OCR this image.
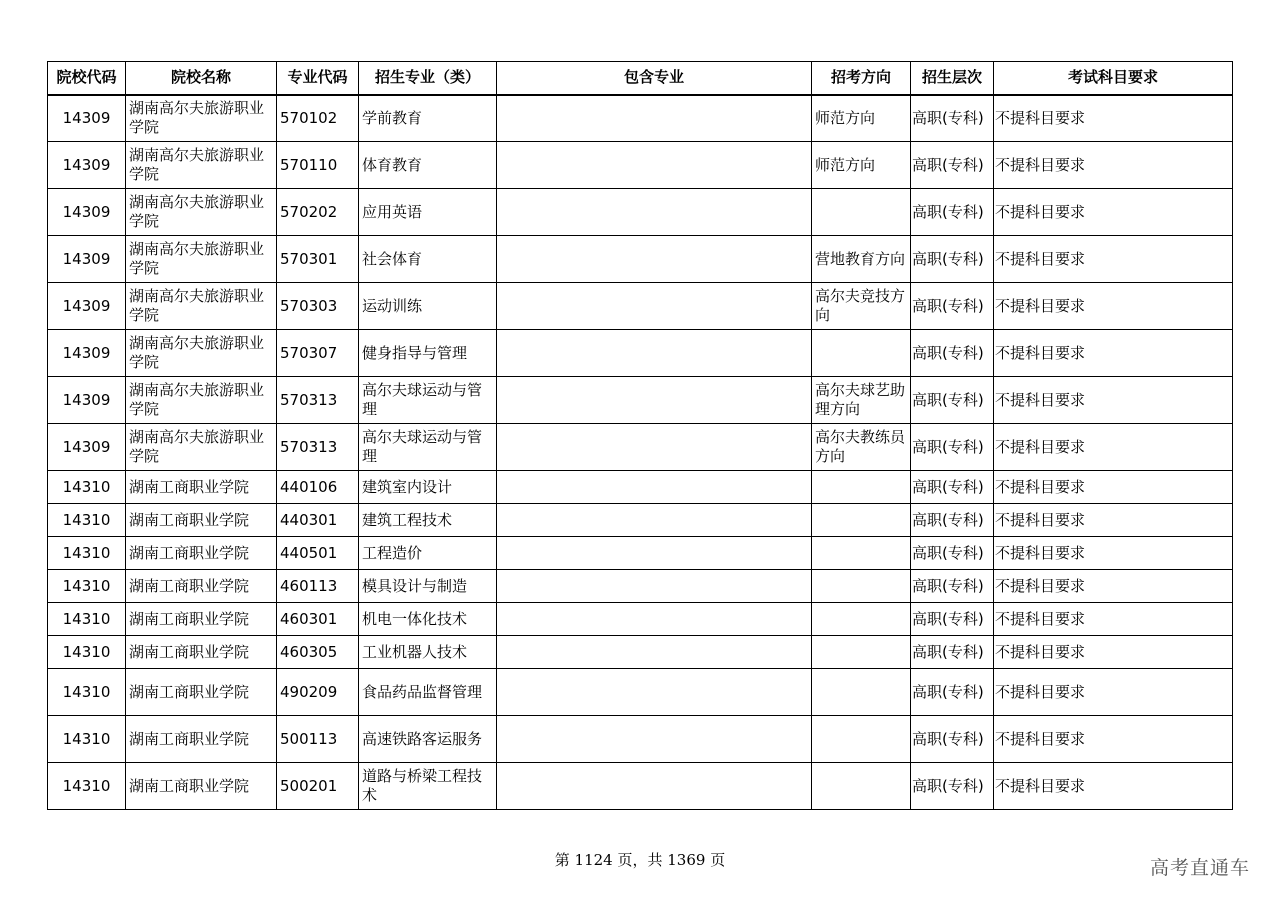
院校代码	院校名称	专业代码	招生专业（类）	包含专业	招考方向	招生层次	考试科目要求
14309	湖南高尔夫旅游职业学院	570102	学前教育		师范方向	高职(专科)	不提科目要求
14309	湖南高尔夫旅游职业学院	570110	体育教育		师范方向	高职(专科)	不提科目要求
14309	湖南高尔夫旅游职业学院	570202	应用英语			高职(专科)	不提科目要求
14309	湖南高尔夫旅游职业学院	570301	社会体育		营地教育方向	高职(专科)	不提科目要求
14309	湖南高尔夫旅游职业学院	570303	运动训练		高尔夫竞技方向	高职(专科)	不提科目要求
14309	湖南高尔夫旅游职业学院	570307	健身指导与管理			高职(专科)	不提科目要求
14309	湖南高尔夫旅游职业学院	570313	高尔夫球运动与管理		高尔夫球艺助理方向	高职(专科)	不提科目要求
14309	湖南高尔夫旅游职业学院	570313	高尔夫球运动与管理		高尔夫教练员方向	高职(专科)	不提科目要求
14310	湖南工商职业学院	440106	建筑室内设计			高职(专科)	不提科目要求
14310	湖南工商职业学院	440301	建筑工程技术			高职(专科)	不提科目要求
14310	湖南工商职业学院	440501	工程造价			高职(专科)	不提科目要求
14310	湖南工商职业学院	460113	模具设计与制造			高职(专科)	不提科目要求
14310	湖南工商职业学院	460301	机电一体化技术			高职(专科)	不提科目要求
14310	湖南工商职业学院	460305	工业机器人技术			高职(专科)	不提科目要求
14310	湖南工商职业学院	490209	食品药品监督管理			高职(专科)	不提科目要求
14310	湖南工商职业学院	500113	高速铁路客运服务			高职(专科)	不提科目要求
14310	湖南工商职业学院	500201	道路与桥梁工程技术			高职(专科)	不提科目要求
第 1124 页，共 1369 页	高考直通车
